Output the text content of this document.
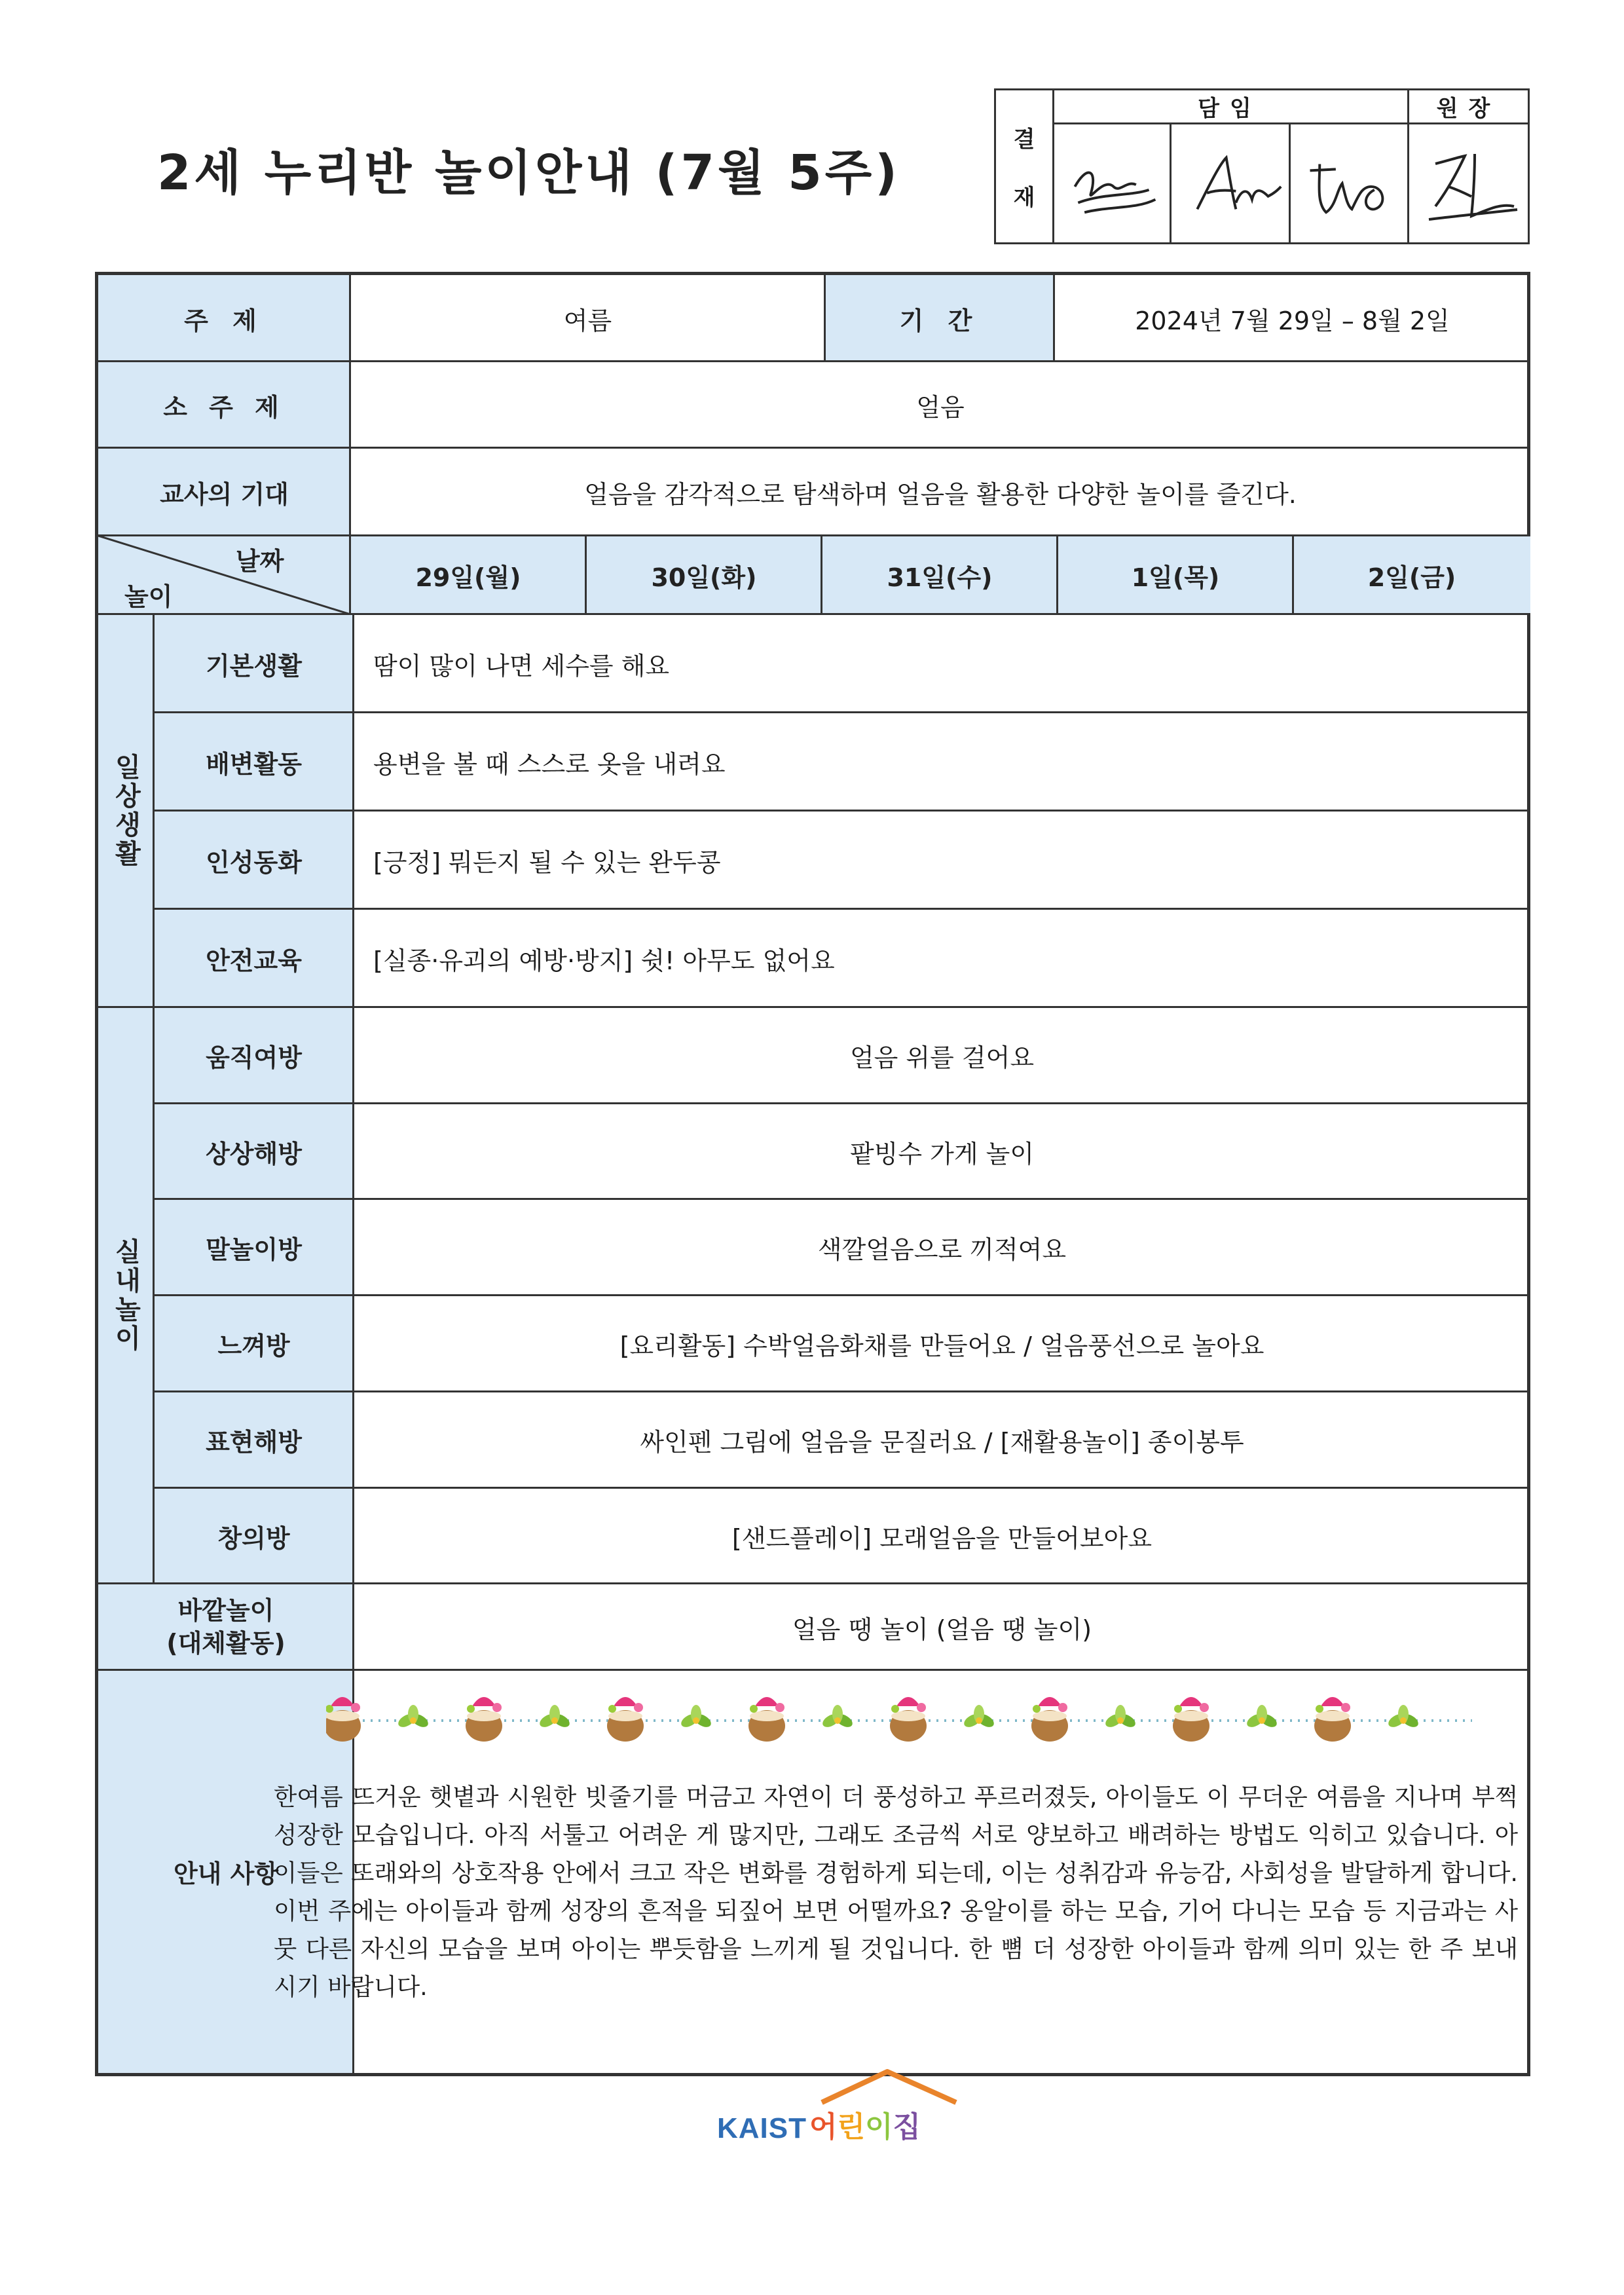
2세 누리반 놀이안내 (7월 5주)
결
재
담임	원장
주 제	여름	기 간	2024년 7월 29일 – 8월 2일
소 주 제	얼음
교사의 기대	얼음을 감각적으로 탐색하며 얼음을 활용한 다양한 놀이를 즐긴다.
날짜
놀이
29일(월)	30일(화)	31일(수)	1일(목)	2일(금)
일상생활
기본생활	땀이 많이 나면 세수를 해요
배변활동	용변을 볼 때 스스로 옷을 내려요
인성동화	[긍정] 뭐든지 될 수 있는 완두콩
안전교육	[실종·유괴의 예방·방지] 쉿! 아무도 없어요
실내놀이
움직여방	얼음 위를 걸어요
상상해방	팥빙수 가게 놀이
말놀이방	색깔얼음으로 끼적여요
느껴방	[요리활동] 수박얼음화채를 만들어요 / 얼음풍선으로 놀아요
표현해방	싸인펜 그림에 얼음을 문질러요 / [재활용놀이] 종이봉투
창의방	[샌드플레이] 모래얼음을 만들어보아요
바깥놀이
(대체활동)	얼음 땡 놀이 (얼음 땡 놀이)
안내 사항
한여름 뜨거운 햇볕과 시원한 빗줄기를 머금고 자연이 더 풍성하고 푸르러졌듯, 아이들도 이 무더운 여름을 지나며 부쩍 성장한 모습입니다. 아직 서툴고 어려운 게 많지만, 그래도 조금씩 서로 양보하고 배려하는 방법도 익히고 있습니다. 아이들은 또래와의 상호작용 안에서 크고 작은 변화를 경험하게 되는데, 이는 성취감과 유능감, 사회성을 발달하게 합니다. 이번 주에는 아이들과 함께 성장의 흔적을 되짚어 보면 어떨까요? 옹알이를 하는 모습, 기어 다니는 모습 등 지금과는 사뭇 다른 자신의 모습을 보며 아이는 뿌듯함을 느끼게 될 것입니다. 한 뼘 더 성장한 아이들과 함께 의미 있는 한 주 보내시기 바랍니다.
KAIST 어 린 이 집
